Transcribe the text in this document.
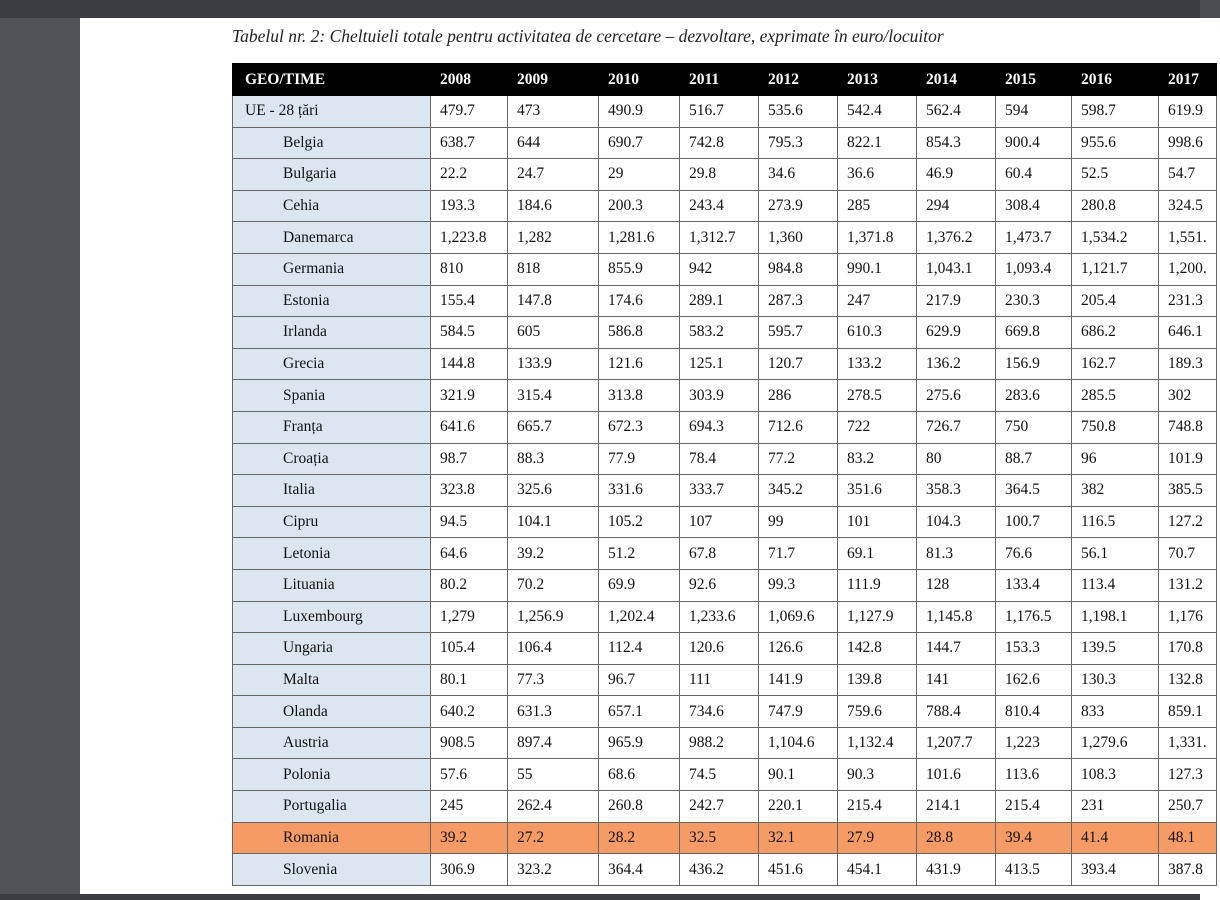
Tabelul nr. 2: Cheltuieli totale pentru activitatea de cercetare – dezvoltare, exprimate în euro/locuitor
GEO/TIME	2008	2009	2010	2011	2012	2013	2014	2015	2016	2017
UE - 28 țări	479.7	473	490.9	516.7	535.6	542.4	562.4	594	598.7	619.9
Belgia	638.7	644	690.7	742.8	795.3	822.1	854.3	900.4	955.6	998.6
Bulgaria	22.2	24.7	29	29.8	34.6	36.6	46.9	60.4	52.5	54.7
Cehia	193.3	184.6	200.3	243.4	273.9	285	294	308.4	280.8	324.5
Danemarca	1,223.8	1,282	1,281.6	1,312.7	1,360	1,371.8	1,376.2	1,473.7	1,534.2	1,551.
Germania	810	818	855.9	942	984.8	990.1	1,043.1	1,093.4	1,121.7	1,200.
Estonia	155.4	147.8	174.6	289.1	287.3	247	217.9	230.3	205.4	231.3
Irlanda	584.5	605	586.8	583.2	595.7	610.3	629.9	669.8	686.2	646.1
Grecia	144.8	133.9	121.6	125.1	120.7	133.2	136.2	156.9	162.7	189.3
Spania	321.9	315.4	313.8	303.9	286	278.5	275.6	283.6	285.5	302
Franța	641.6	665.7	672.3	694.3	712.6	722	726.7	750	750.8	748.8
Croația	98.7	88.3	77.9	78.4	77.2	83.2	80	88.7	96	101.9
Italia	323.8	325.6	331.6	333.7	345.2	351.6	358.3	364.5	382	385.5
Cipru	94.5	104.1	105.2	107	99	101	104.3	100.7	116.5	127.2
Letonia	64.6	39.2	51.2	67.8	71.7	69.1	81.3	76.6	56.1	70.7
Lituania	80.2	70.2	69.9	92.6	99.3	111.9	128	133.4	113.4	131.2
Luxembourg	1,279	1,256.9	1,202.4	1,233.6	1,069.6	1,127.9	1,145.8	1,176.5	1,198.1	1,176
Ungaria	105.4	106.4	112.4	120.6	126.6	142.8	144.7	153.3	139.5	170.8
Malta	80.1	77.3	96.7	111	141.9	139.8	141	162.6	130.3	132.8
Olanda	640.2	631.3	657.1	734.6	747.9	759.6	788.4	810.4	833	859.1
Austria	908.5	897.4	965.9	988.2	1,104.6	1,132.4	1,207.7	1,223	1,279.6	1,331.
Polonia	57.6	55	68.6	74.5	90.1	90.3	101.6	113.6	108.3	127.3
Portugalia	245	262.4	260.8	242.7	220.1	215.4	214.1	215.4	231	250.7
Romania	39.2	27.2	28.2	32.5	32.1	27.9	28.8	39.4	41.4	48.1
Slovenia	306.9	323.2	364.4	436.2	451.6	454.1	431.9	413.5	393.4	387.8
